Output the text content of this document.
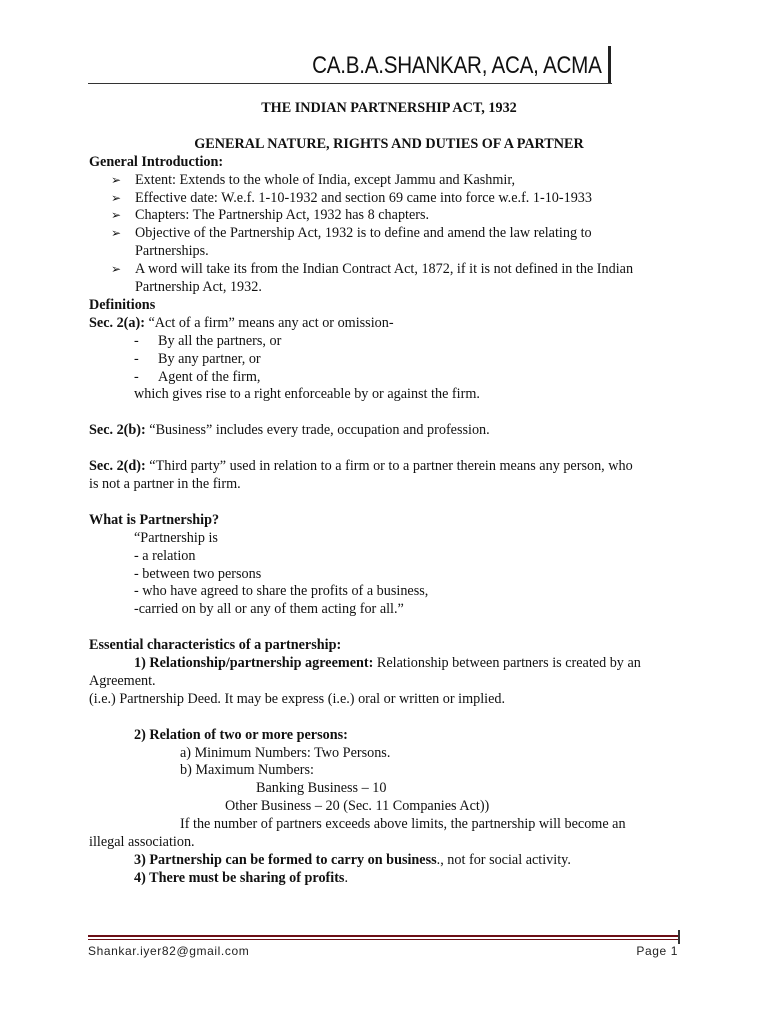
CA.B.A.SHANKAR, ACA, ACMA
THE INDIAN PARTNERSHIP ACT, 1932
GENERAL NATURE, RIGHTS AND DUTIES OF A PARTNER
General Introduction:
➢ Extent: Extends to the whole of India, except Jammu and Kashmir,
➢ Effective date: W.e.f. 1-10-1932 and section 69 came into force w.e.f. 1-10-1933
➢ Chapters: The Partnership Act, 1932 has 8 chapters.
➢ Objective of the Partnership Act, 1932 is to define and amend the law relating to
Partnerships.
➢ A word will take its from the Indian Contract Act, 1872, if it is not defined in the Indian
Partnership Act, 1932.
Definitions
Sec. 2(a): “Act of a firm” means any act or omission-
- By all the partners, or
- By any partner, or
- Agent of the firm,
which gives rise to a right enforceable by or against the firm.
Sec. 2(b): “Business” includes every trade, occupation and profession.
Sec. 2(d): “Third party” used in relation to a firm or to a partner therein means any person, who
is not a partner in the firm.
What is Partnership?
“Partnership is
- a relation
- between two persons
- who have agreed to share the profits of a business,
-carried on by all or any of them acting for all.”
Essential characteristics of a partnership:
1) Relationship/partnership agreement: Relationship between partners is created by an
Agreement.
(i.e.) Partnership Deed. It may be express (i.e.) oral or written or implied.
2) Relation of two or more persons:
a) Minimum Numbers: Two Persons.
b) Maximum Numbers:
Banking Business – 10
Other Business – 20 (Sec. 11 Companies Act))
If the number of partners exceeds above limits, the partnership will become an
illegal association.
3) Partnership can be formed to carry on business., not for social activity.
4) There must be sharing of profits.
Shankar.iyer82@gmail.com	Page 1
